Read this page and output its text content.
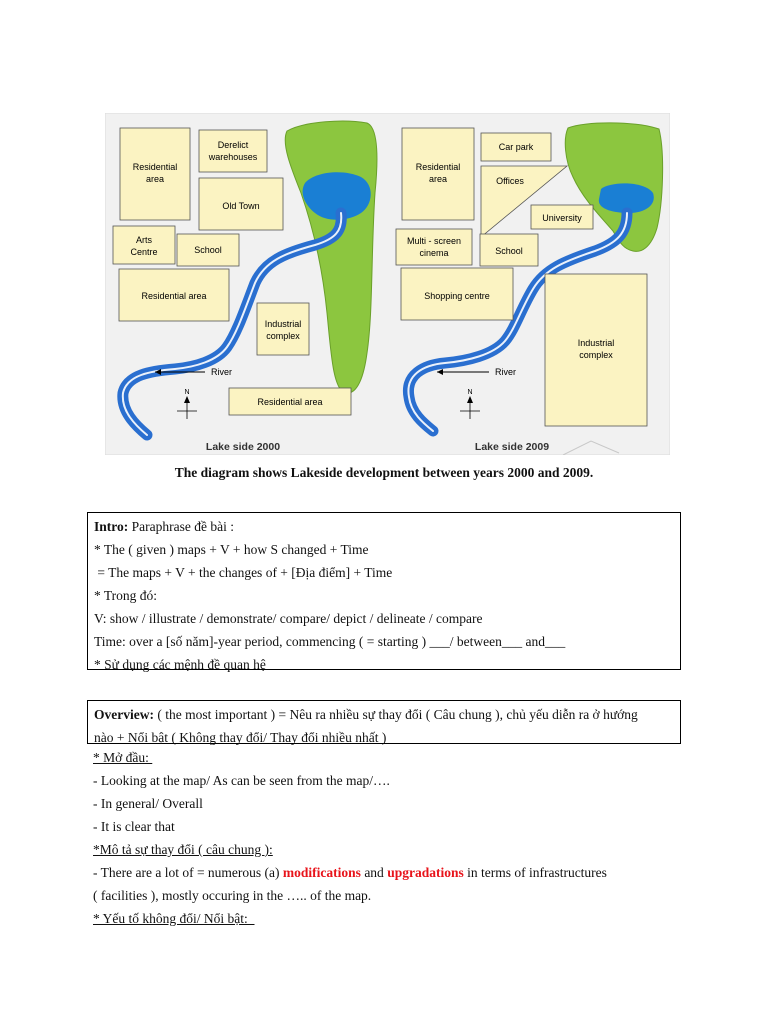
Residential
area
Derelict
warehouses
Old Town
Arts
Centre	School
Residential area
Industrial
complex
River
N
Residential area
Lake side 2000
Residential
area
Car park
Offices
University
Multi - screen
cinema	School
Shopping centre
Industrial
complex
River
N
Lake side 2009
The diagram shows Lakeside development between years 2000 and 2009.
Intro: Paraphrase đề bài :
* The ( given ) maps + V + how S changed + Time
= The maps + V + the changes of + [Địa điểm] + Time
* Trong đó:
V: show / illustrate / demonstrate/ compare/ depict / delineate / compare
Time: over a [số năm]-year period, commencing ( = starting ) ___/ between___ and___
* Sử dụng các mệnh đề quan hệ
Overview: ( the most important ) = Nêu ra nhiều sự thay đổi ( Câu chung ), chủ yếu diễn ra ở hướng
nào + Nổi bật ( Không thay đổi/ Thay đổi nhiều nhất )
* Mở đầu:
- Looking at the map/ As can be seen from the map/….
- In general/ Overall
- It is clear that
*Mô tả sự thay đổi ( câu chung ):
- There are a lot of = numerous (a) modifications and upgradations in terms of infrastructures
( facilities ), mostly occuring in the ….. of the map.
* Yếu tố không đổi/ Nổi bật:
